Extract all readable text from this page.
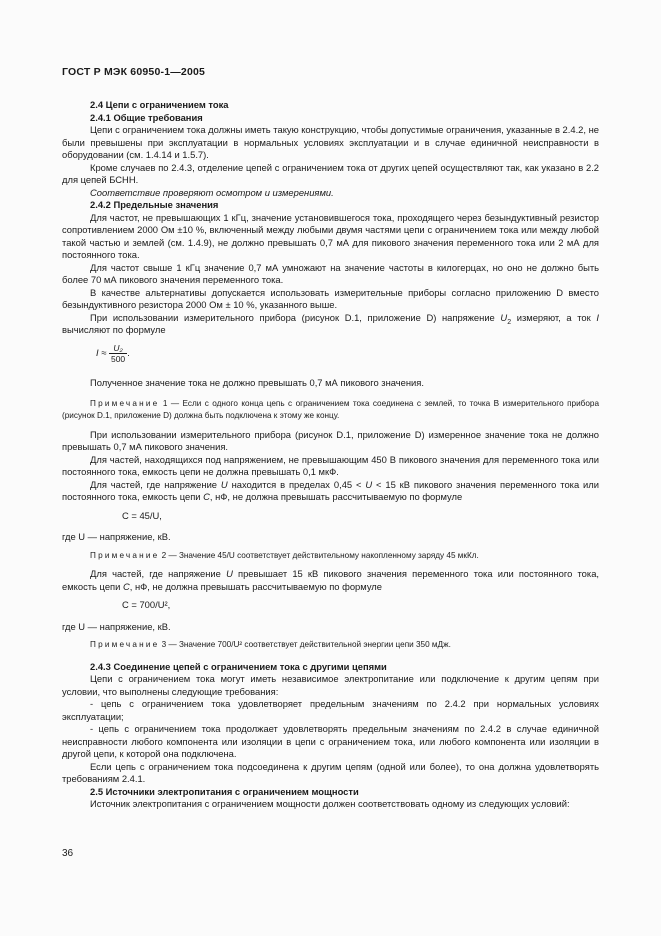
ГОСТ Р МЭК 60950-1—2005

2.4 Цепи с ограничением тока

2.4.1 Общие требования

Цепи с ограничением тока должны иметь такую конструкцию, чтобы допустимые ограничения, указанные в 2.4.2, не были превышены при эксплуатации в нормальных условиях эксплуатации и в случае единичной неисправности в оборудовании (см. 1.4.14 и 1.5.7).

Кроме случаев по 2.4.3, отделение цепей с ограничением тока от других цепей осуществляют так, как указано в 2.2 для цепей БСНН.

Соответствие проверяют осмотром и измерениями.

2.4.2 Предельные значения

Для частот, не превышающих 1 кГц, значение установившегося тока, проходящего через безындуктивный резистор сопротивлением 2000 Ом ±10 %, включенный между любыми двумя частями цепи с ограничением тока или между любой такой частью и землей (см. 1.4.9), не должно превышать 0,7 мА для пикового значения переменного тока или 2 мА для постоянного тока.

Для частот свыше 1 кГц значение 0,7 мА умножают на значение частоты в килогерцах, но оно не должно быть более 70 мА пикового значения переменного тока.

В качестве альтернативы допускается использовать измерительные приборы согласно приложению D вместо безындуктивного резистора 2000 Ом ± 10 %, указанного выше.

При использовании измерительного прибора (рисунок D.1, приложение D) напряжение $U_2$ измеряют, а ток I вычисляют по формуле

$I \approx \frac{\text{U₂}}{500}$ .

Полученное значение тока не должно превышать 0,7 мА пикового значения.

Примечание 1 — Если с одного конца цепь с ограничением тока соединена с землей, то точка B измерительного прибора (рисунок D.1, приложение D) должна быть подключена к этому же концу.

При использовании измерительного прибора (рисунок D.1, приложение D) измеренное значение тока не должно превышать 0,7 мА пикового значения.

Для частей, находящихся под напряжением, не превышающим 450 В пикового значения для переменного тока или постоянного тока, емкость цепи не должна превышать 0,1 мкФ.

Для частей, где напряжение U находится в пределах 0,45 < U < 15 кВ пикового значения переменного тока или постоянного тока, емкость цепи C, нФ, не должна превышать рассчитываемую по формуле

C = 45/U,

где U — напряжение, кВ.

Примечание 2 — Значение 45/U соответствует действительному накопленному заряду 45 мкКл.

Для частей, где напряжение U превышает 15 кВ пикового значения переменного тока или постоянного тока, емкость цепи C, нФ, не должна превышать рассчитываемую по формуле

C = 700/U²,

где U — напряжение, кВ.

Примечание 3 — Значение 700/U² соответствует действительной энергии цепи 350 мДж.

2.4.3 Соединение цепей с ограничением тока с другими цепями

Цепи с ограничением тока могут иметь независимое электропитание или подключение к другим цепям при условии, что выполнены следующие требования:

- цепь с ограничением тока удовлетворяет предельным значениям по 2.4.2 при нормальных условиях эксплуатации;

- цепь с ограничением тока продолжает удовлетворять предельным значениям по 2.4.2 в случае единичной неисправности любого компонента или изоляции в цепи с ограничением тока, или любого компонента или изоляции в другой цепи, к которой она подключена.

Если цепь с ограничением тока подсоединена к другим цепям (одной или более), то она должна удовлетворять требованиям 2.4.1.

2.5 Источники электропитания с ограничением мощности

Источник электропитания с ограничением мощности должен соответствовать одному из следующих условий:

36
